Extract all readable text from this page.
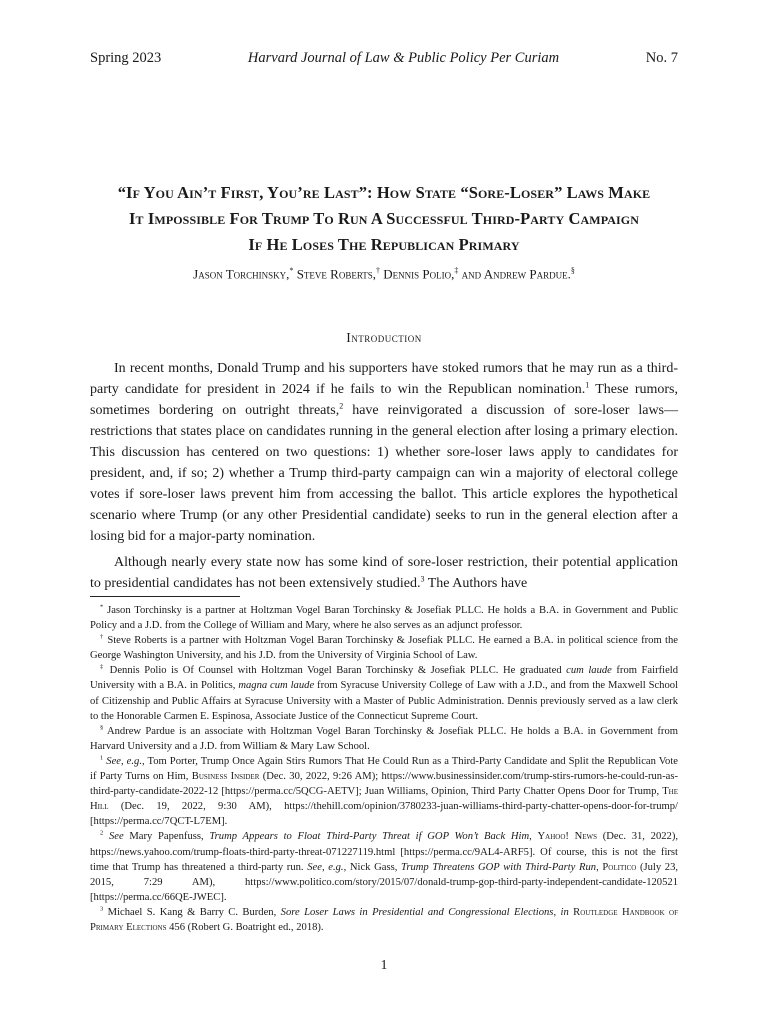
Spring 2023	Harvard Journal of Law & Public Policy Per Curiam	No. 7
“If You Ain’t First, You’re Last”: How State “Sore-Loser” Laws Make
It Impossible For Trump To Run A Successful Third-Party Campaign
If He Loses The Republican Primary
Jason Torchinsky,* Steve Roberts,† Dennis Polio,‡ and Andrew Pardue.§
Introduction

In recent months, Donald Trump and his supporters have stoked rumors that he may run as a third-party candidate for president in 2024 if he fails to win the Republican nomination.$^1$ These rumors, sometimes bordering on outright threats,$^2$ have reinvigorated a discussion of sore-loser laws—restrictions that states place on candidates running in the general election after losing a primary election. This discussion has centered on two questions: 1) whether sore-loser laws apply to candidates for president, and, if so; 2) whether a Trump third-party campaign can win a majority of electoral college votes if sore-loser laws prevent him from accessing the ballot. This article explores the hypothetical scenario where Trump (or any other Presidential candidate) seeks to run in the general election after a losing bid for a major-party nomination.

Although nearly every state now has some kind of sore-loser restriction, their potential application to presidential candidates has not been extensively studied.$^3$ The Authors have

* Jason Torchinsky is a partner at Holtzman Vogel Baran Torchinsky & Josefiak PLLC. He holds a B.A. in Government and Public Policy and a J.D. from the College of William and Mary, where he also serves as an adjunct professor.

† Steve Roberts is a partner with Holtzman Vogel Baran Torchinsky & Josefiak PLLC. He earned a B.A. in political science from the George Washington University, and his J.D. from the University of Virginia School of Law.

‡ Dennis Polio is Of Counsel with Holtzman Vogel Baran Torchinsky & Josefiak PLLC. He graduated cum laude from Fairfield University with a B.A. in Politics, magna cum laude from Syracuse University College of Law with a J.D., and from the Maxwell School of Citizenship and Public Affairs at Syracuse University with a Master of Public Administration. Dennis previously served as a law clerk to the Honorable Carmen E. Espinosa, Associate Justice of the Connecticut Supreme Court.

§ Andrew Pardue is an associate with Holtzman Vogel Baran Torchinsky & Josefiak PLLC. He holds a B.A. in Government from Harvard University and a J.D. from William & Mary Law School.

$^1$ See, e.g., Tom Porter, Trump Once Again Stirs Rumors That He Could Run as a Third-Party Candidate and Split the Republican Vote if Party Turns on Him, Business Insider (Dec. 30, 2022, 9:26 AM); https://www.businessinsider.com/trump-stirs-rumors-he-could-run-as-third-party-candidate-2022-12 [https://perma.cc/5QCG-AETV]; Juan Williams, Opinion, Third Party Chatter Opens Door for Trump, The Hill (Dec. 19, 2022, 9:30 AM), https://thehill.com/opinion/3780233-juan-williams-third-party-chatter-opens-door-for-trump/ [https://perma.cc/7QCT-L7EM].

$^2$ See Mary Papenfuss, Trump Appears to Float Third-Party Threat if GOP Won’t Back Him, Yahoo! News (Dec. 31, 2022), https://news.yahoo.com/trump-floats-third-party-threat-071227119.html [https://perma.cc/9AL4-ARF5]. Of course, this is not the first time that Trump has threatened a third-party run. See, e.g., Nick Gass, Trump Threatens GOP with Third-Party Run, Politico (July 23, 2015, 7:29 AM), https://www.politico.com/story/2015/07/donald-trump-gop-third-party-independent-candidate-120521 [https://perma.cc/66QE-JWEC].

$^3$ Michael S. Kang & Barry C. Burden, Sore Loser Laws in Presidential and Congressional Elections, in Routledge Handbook of Primary Elections 456 (Robert G. Boatright ed., 2018).

1
